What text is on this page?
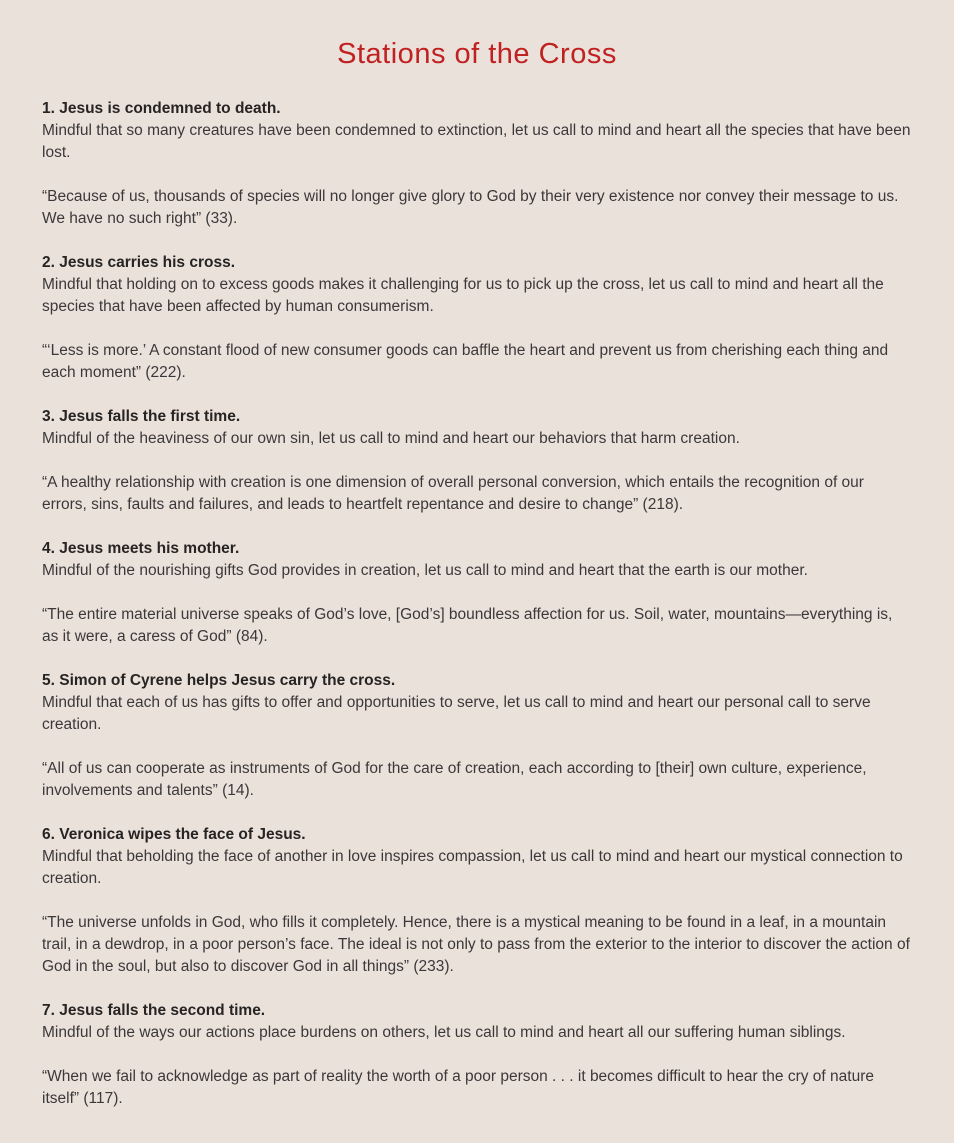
Stations of the Cross

1. Jesus is condemned to death.

Mindful that so many creatures have been condemned to extinction, let us call to mind and heart all the species that have been lost.

“Because of us, thousands of species will no longer give glory to God by their very existence nor convey their message to us. We have no such right” (33).

2. Jesus carries his cross.

Mindful that holding on to excess goods makes it challenging for us to pick up the cross, let us call to mind and heart all the species that have been affected by human consumerism.

“‘Less is more.’ A constant flood of new consumer goods can baffle the heart and prevent us from cherishing each thing and each moment” (222).

3. Jesus falls the first time.

Mindful of the heaviness of our own sin, let us call to mind and heart our behaviors that harm creation.

“A healthy relationship with creation is one dimension of overall personal conversion, which entails the recognition of our errors, sins, faults and failures, and leads to heartfelt repentance and desire to change” (218).

4. Jesus meets his mother.

Mindful of the nourishing gifts God provides in creation, let us call to mind and heart that the earth is our mother.

“The entire material universe speaks of God’s love, [God’s] boundless affection for us. Soil, water, mountains—everything is, as it were, a caress of God” (84).

5. Simon of Cyrene helps Jesus carry the cross.

Mindful that each of us has gifts to offer and opportunities to serve, let us call to mind and heart our personal call to serve creation.

“All of us can cooperate as instruments of God for the care of creation, each according to [their] own culture, experience, involvements and talents” (14).

6. Veronica wipes the face of Jesus.

Mindful that beholding the face of another in love inspires compassion, let us call to mind and heart our mystical connection to creation.

“The universe unfolds in God, who fills it completely. Hence, there is a mystical meaning to be found in a leaf, in a mountain trail, in a dewdrop, in a poor person’s face. The ideal is not only to pass from the exterior to the interior to discover the action of God in the soul, but also to discover God in all things” (233).

7. Jesus falls the second time.

Mindful of the ways our actions place burdens on others, let us call to mind and heart all our suffering human siblings.

“When we fail to acknowledge as part of reality the worth of a poor person . . . it becomes difficult to hear the cry of nature itself” (117).
